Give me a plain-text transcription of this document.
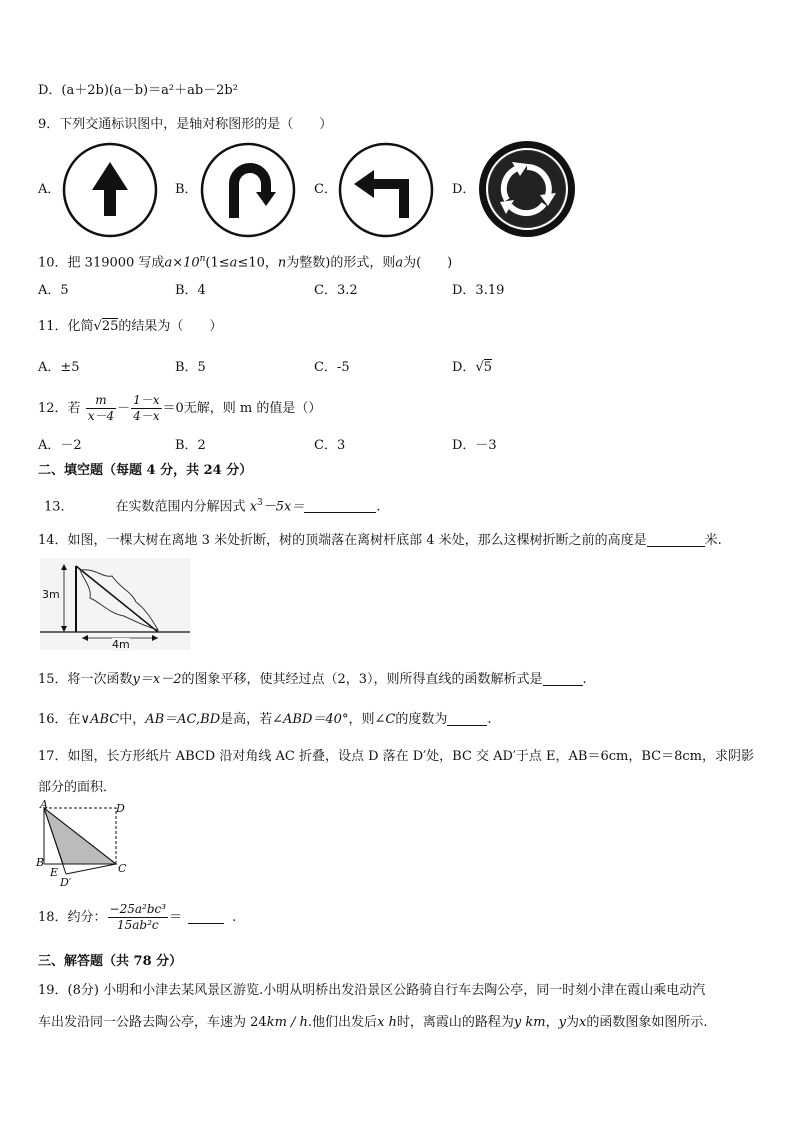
D．(a＋2b)(a－b)＝a²＋ab－2b²
9．下列交通标识图中，是轴对称图形的是（　　）
A．	B．	C．	D．
10．把 319000 写成$a\times 10^n(1\le a\le 10$，n为整数)的形式，则a为(　　)
A．5	B．4	C．3.2	D．3.19
11．化简√25的结果为（　　）
A．±5	B．5	C．-5	D．√5
12．若 $\frac{m}{x-4} - \frac{1-x}{4-x} =0$无解，则 m 的值是（）
A．－2	B．2	C．3	D．－3
二、填空题（每题 4 分，共 24 分）
13．	在实数范围内分解因式 $x^3-5x=$	.
14．如图，一棵大树在离地 3 米处折断，树的顶端落在离树杆底部 4 米处，那么这棵树折断之前的高度是	米.
3m
4m
15．将一次函数y＝x－2的图象平移，使其经过点（2，3），则所得直线的函数解析式是	.
16．在∨ABC中，AB＝AC,BD是高，若∠ABD＝40°，则∠C的度数为	.
17．如图，长方形纸片 ABCD 沿对角线 AC 折叠，设点 D 落在 D′处，BC 交 AD′于点 E，AB＝6cm，BC＝8cm，求阴影
部分的面积．
A	D
B	C
E
D′
18．约分： $\frac{\text{−25a²bc³}}{\text{15ab²c}}$ ＝	.
三、解答题（共 78 分）
19．(8分) 小明和小津去某风景区游览.小明从明桥出发沿景区公路骑自行车去陶公亭，同一时刻小津在霞山乘电动汽
车出发沿同一公路去陶公亭，车速为 24km / h.他们出发后x h时，离霞山的路程为y km，y为x的函数图象如图所示.
